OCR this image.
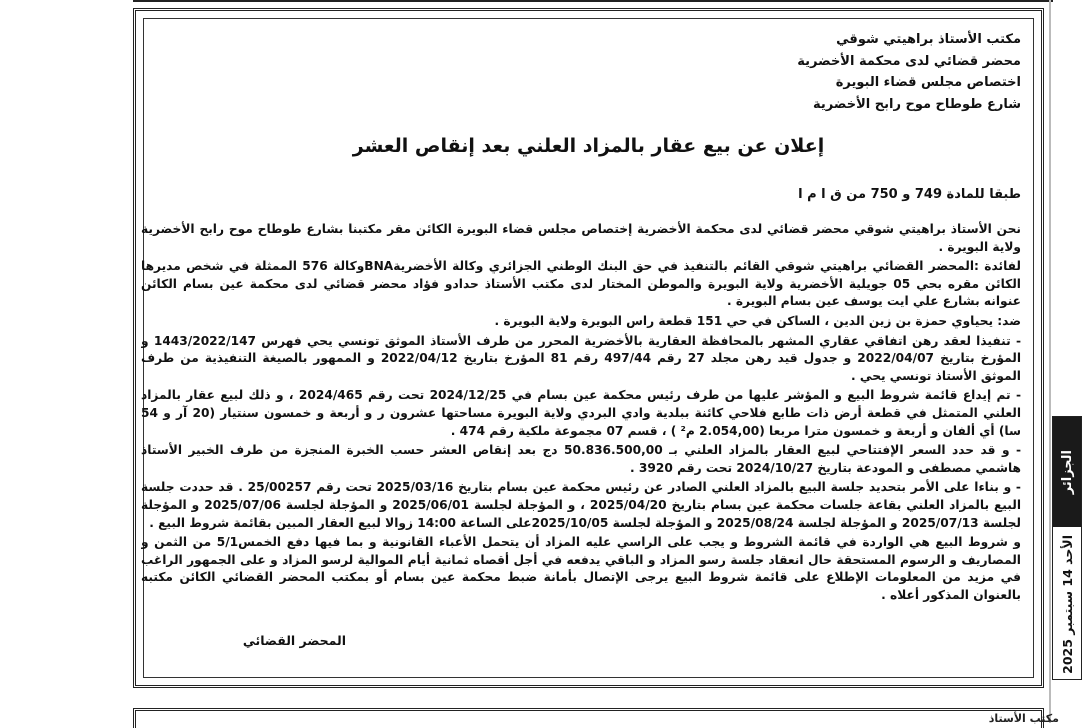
مكتب الأستاذ براهيتي شوقي
محضر قضائي لدى محكمة الأخضرية
اختصاص مجلس قضاء البويرة
شارع طوطاح موح رابح الأخضرية
إعلان عن بيع عقار بالمزاد العلني بعد إنقاص العشر
طبقا للمادة 749 و 750 من ق ا م ا

نحن الأستاذ براهيتي شوقي محضر قضائي لدى محكمة الأخضرية إختصاص مجلس قضاء البويرة الكائن مقر مكتبنا بشارع طوطاح موح رابح الأخضرية ولاية البويرة .

لفائدة :المحضر القضائي براهيتي شوقي القائم بالتنفيذ في حق البنك الوطني الجزائري وكالة الأخضريةBNAوكالة 576 الممثلة في شخص مديرها الكائن مقره بحي 05 جويلية الأخضرية ولاية البويرة والموطن المختار لدى مكتب الأستاذ حدادو فؤاد محضر قضائي لدى محكمة عين بسام الكائن عنوانه بشارع علي ايت يوسف عين بسام البويرة .

ضد: يحياوي حمزة بن زين الدين ، الساكن في حي 151 قطعة راس البويرة ولاية البويرة .

- تنفيذا لعقد رهن اتفاقي عقاري المشهر بالمحافظة العقارية بالأخضرية المحرر من طرف الأستاذ الموثق تونسي يحي فهرس 1443/2022/147 و المؤرخ بتاريخ 2022/04/07 و جدول قيد رهن مجلد 27 رقم 497/44 رقم 81 المؤرخ بتاريخ 2022/04/12 و الممهور بالصيغة التنفيذية من طرف الموثق الأستاذ تونسي يحي .

- تم إيداع قائمة شروط البيع و المؤشر عليها من طرف رئيس محكمة عين بسام في 2024/12/25 تحت رقم 2024/465 ، و ذلك لبيع عقار بالمزاد العلني المتمثل في قطعة أرض ذات طابع فلاحي كائنة ببلدية وادي البردي ولاية البويرة مساحتها عشرون ر و أربعة و خمسون سنتيار (20 آر و 54 سا) أي ألفان و أربعة و خمسون مترا مربعا (2.054,00 م² ) ، قسم 07 مجموعة ملكية رقم 474 .

- و قد حدد السعر الإفتتاحي لبيع العقار بالمزاد العلني بـ 50.836.500,00 دج بعد إنقاص العشر حسب الخبرة المنجزة من طرف الخبير الأستاذ هاشمي مصطفى و المودعة بتاريخ 2024/10/27 تحت رقم 3920 .

- و بناءا على الأمر بتحديد جلسة البيع بالمزاد العلني الصادر عن رئيس محكمة عين بسام بتاريخ 2025/03/16 تحت رقم 25/00257 . قد حددت جلسة البيع بالمزاد العلني بقاعة جلسات محكمة عين بسام بتاريخ 2025/04/20 ، و المؤجلة لجلسة 2025/06/01 و المؤجلة لجلسة 2025/07/06 و المؤجلة لجلسة 2025/07/13 و المؤجلة لجلسة 2025/08/24 و المؤجلة لجلسة 2025/10/05على الساعة 14:00 زوالا لبيع العقار المبين بقائمة شروط البيع .

و شروط البيع هي الواردة في قائمة الشروط و يجب على الراسي عليه المزاد أن يتحمل الأعباء القانونية و بما فيها دفع الخمس5/1 من الثمن و المصاريف و الرسوم المستحقة حال انعقاد جلسة رسو المزاد و الباقي يدفعه في أجل أقصاه ثمانية أيام الموالية لرسو المزاد و على الجمهور الراغب في مزيد من المعلومات الإطلاع على قائمة شروط البيع يرجى الإتصال بأمانة ضبط محكمة عين بسام أو بمكتب المحضر القضائي الكائن مكتبه بالعنوان المذكور أعلاه .

المحضر القضائي
الجزائر
الأحد 14 سبتمبر 2025
مكتب الأستاذ
